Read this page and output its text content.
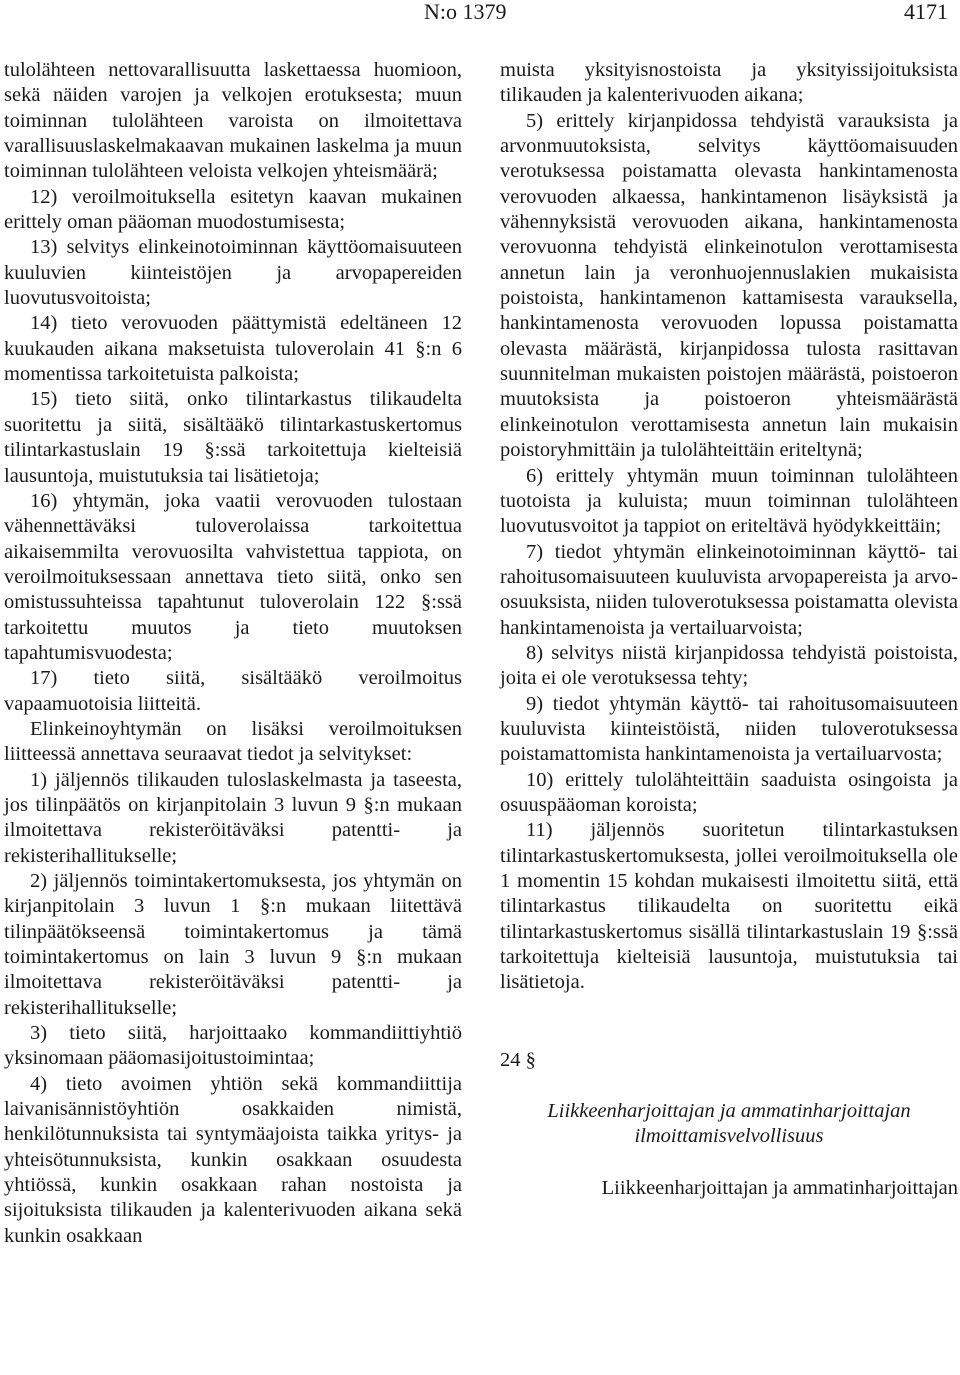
N:o 1379	4171

tulolähteen nettovarallisuutta laskettaessa huomioon, sekä näiden varojen ja velkojen erotuksesta; muun toiminnan tulolähteen varoista on ilmoitettava varallisuuslaskelmakaavan mukainen laskelma ja muun toiminnan tulolähteen veloista velkojen yhteismäärä;

12) veroilmoituksella esitetyn kaavan mukainen erittely oman pääoman muodostumisesta;

13) selvitys elinkeinotoiminnan käyttöomaisuuteen kuuluvien kiinteistöjen ja arvopapereiden luovutusvoitoista;

14) tieto verovuoden päättymistä edeltäneen 12 kuukauden aikana maksetuista tuloverolain 41 §:n 6 momentissa tarkoitetuista palkoista;

15) tieto siitä, onko tilintarkastus tilikaudelta suoritettu ja siitä, sisältääkö tilintarkastuskertomus tilintarkastuslain 19 §:ssä tarkoitettuja kielteisiä lausuntoja, muistutuksia tai lisätietoja;

16) yhtymän, joka vaatii verovuoden tulostaan vähennettäväksi tuloverolaissa tarkoitettua aikaisemmilta verovuosilta vahvistettua tappiota, on veroilmoituksessaan annettava tieto siitä, onko sen omistussuhteissa tapahtunut tuloverolain 122 §:ssä tarkoitettu muutos ja tieto muutoksen tapahtumisvuodesta;

17) tieto siitä, sisältääkö veroilmoitus vapaamuotoisia liitteitä.

Elinkeinoyhtymän on lisäksi veroilmoituksen liitteessä annettava seuraavat tiedot ja selvitykset:

1) jäljennös tilikauden tuloslaskelmasta ja taseesta, jos tilinpäätös on kirjanpitolain 3 luvun 9 §:n mukaan ilmoitettava rekisteröitäväksi patentti- ja rekisterihallitukselle;

2) jäljennös toimintakertomuksesta, jos yhtymän on kirjanpitolain 3 luvun 1 §:n mukaan liitettävä tilinpäätökseensä toimintakertomus ja tämä toimintakertomus on lain 3 luvun 9 §:n mukaan ilmoitettava rekisteröitäväksi patentti- ja rekisterihallitukselle;

3) tieto siitä, harjoittaako kommandiittiyhtiö yksinomaan pääomasijoitustoimintaa;

4) tieto avoimen yhtiön sekä kommandiittija laivanisännistöyhtiön osakkaiden nimistä, henkilötunnuksista tai syntymäajoista taikka yritys- ja yhteisötunnuksista, kunkin osakkaan osuudesta yhtiössä, kunkin osakkaan rahan nostoista ja sijoituksista tilikauden ja kalenterivuoden aikana sekä kunkin osakkaan

muista yksityisnostoista ja yksityissijoituksista tilikauden ja kalenterivuoden aikana;

5) erittely kirjanpidossa tehdyistä varauksista ja arvonmuutoksista, selvitys käyttöomaisuuden verotuksessa poistamatta olevasta hankintamenosta verovuoden alkaessa, hankintamenon lisäyksistä ja vähennyksistä verovuoden aikana, hankintamenosta verovuonna tehdyistä elinkeinotulon verottamisesta annetun lain ja veronhuojennuslakien mukaisista poistoista, hankintamenon kattamisesta varauksella, hankintamenosta verovuoden lopussa poistamatta olevasta määrästä, kirjanpidossa tulosta rasittavan suunnitelman mukaisten poistojen määrästä, poistoeron muutoksista ja poistoeron yhteismäärästä elinkeinotulon verottamisesta annetun lain mukaisin poistoryhmittäin ja tulolähteittäin eriteltynä;

6) erittely yhtymän muun toiminnan tulolähteen tuotoista ja kuluista; muun toiminnan tulolähteen luovutusvoitot ja tappiot on eriteltävä hyödykkeittäin;

7) tiedot yhtymän elinkeinotoiminnan käyttö- tai rahoitusomaisuuteen kuuluvista arvopapereista ja arvo-osuuksista, niiden tuloverotuksessa poistamatta olevista hankintamenoista ja vertailuarvoista;

8) selvitys niistä kirjanpidossa tehdyistä poistoista, joita ei ole verotuksessa tehty;

9) tiedot yhtymän käyttö- tai rahoitusomaisuuteen kuuluvista kiinteistöistä, niiden tuloverotuksessa poistamattomista hankintamenoista ja vertailuarvosta;

10) erittely tulolähteittäin saaduista osingoista ja osuuspääoman koroista;

11) jäljennös suoritetun tilintarkastuksen tilintarkastuskertomuksesta, jollei veroilmoituksella ole 1 momentin 15 kohdan mukaisesti ilmoitettu siitä, että tilintarkastus tilikaudelta on suoritettu eikä tilintarkastuskertomus sisällä tilintarkastuslain 19 §:ssä tarkoitettuja kielteisiä lausuntoja, muistutuksia tai lisätietoja.

24 §

Liikkeenharjoittajan ja ammatinharjoittajan ilmoittamisvelvollisuus

Liikkeenharjoittajan ja ammatinharjoittajan
